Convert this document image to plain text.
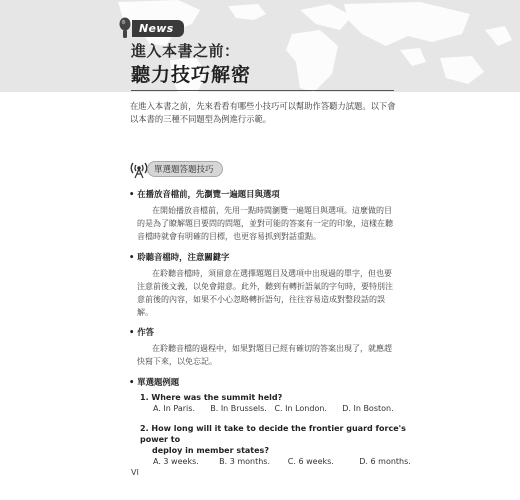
News
進入本書之前：
聽力技巧解密

在進入本書之前，先來看看有哪些小技巧可以幫助作答聽力試題。以下會以本書的三種不同題型為例進行示範。

單選題答題技巧
• 在播放音檔前，先瀏覽一遍題目與選項

在開始播放音檔前，先用一點時間瀏覽一遍題目與選項。這麼做的目的是為了瞭解題目要問的問題，並對可能的答案有一定的印象，這樣在聽音檔時就會有明確的目標，也更容易抓到對話重點。

• 聆聽音檔時，注意關鍵字

在聆聽音檔時，須留意在選擇題題目及選項中出現過的單字，但也要注意前後文義，以免會錯意。此外，聽到有轉折語氣的字句時，要特別注意前後的內容，如果不小心忽略轉折語句，往往容易造成對整段話的誤解。

• 作答

在聆聽音檔的過程中，如果對題目已經有確切的答案出現了，就應趕快寫下來，以免忘記。

• 單選題例題
1. Where was the summit held?
A. In Paris.      B. In Brussels.   C. In London.      D. In Boston.
2. How long will it take to decide the frontier guard force's power to
deploy in member states?
A. 3 weeks.        B. 3 months.       C. 6 weeks.          D. 6 months.
VI
